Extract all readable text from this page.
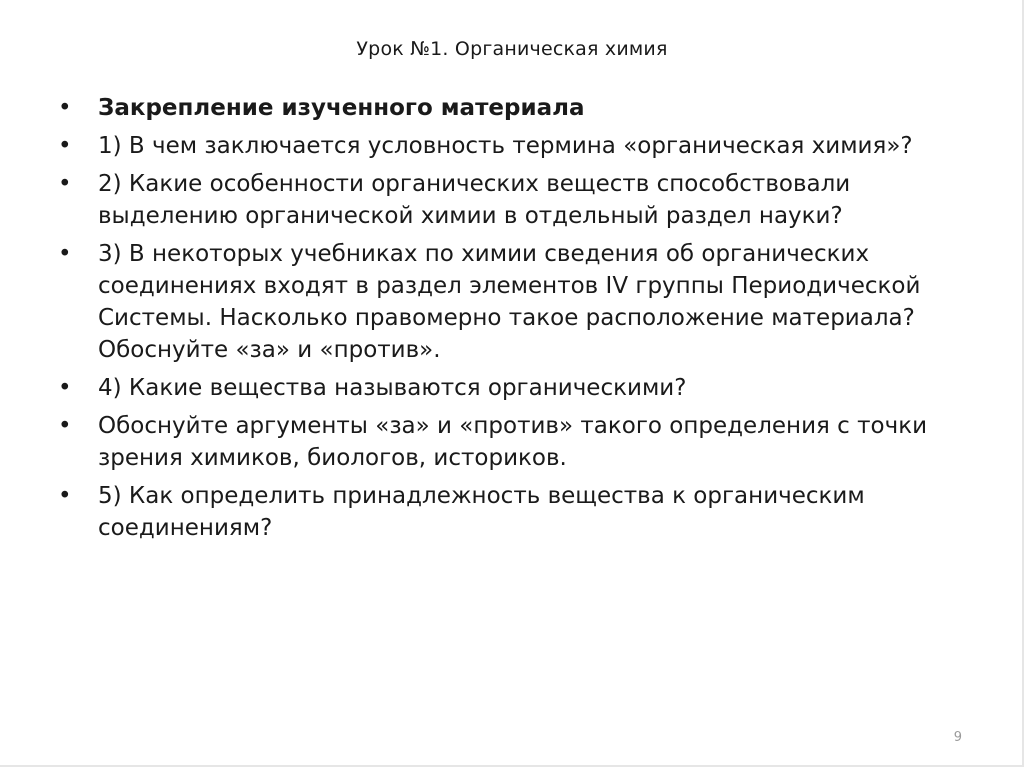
Урок №1. Органическая химия
• Закрепление изученного материала
• 1) В чем заключается условность термина «органическая химия»?
• 2) Какие особенности органических веществ способствовали выделению органической химии в отдельный раздел науки?
• 3) В некоторых учебниках по химии сведения об органических соединениях входят в раздел элементов IV группы Периодической Системы. Насколько правомерно такое расположение материала? Обоснуйте «за» и «против».
• 4) Какие вещества называются органическими?
• Обоснуйте аргументы «за» и «против» такого определения с точки зрения химиков, биологов, историков.
• 5) Как определить принадлежность вещества к органическим соединениям?
9
